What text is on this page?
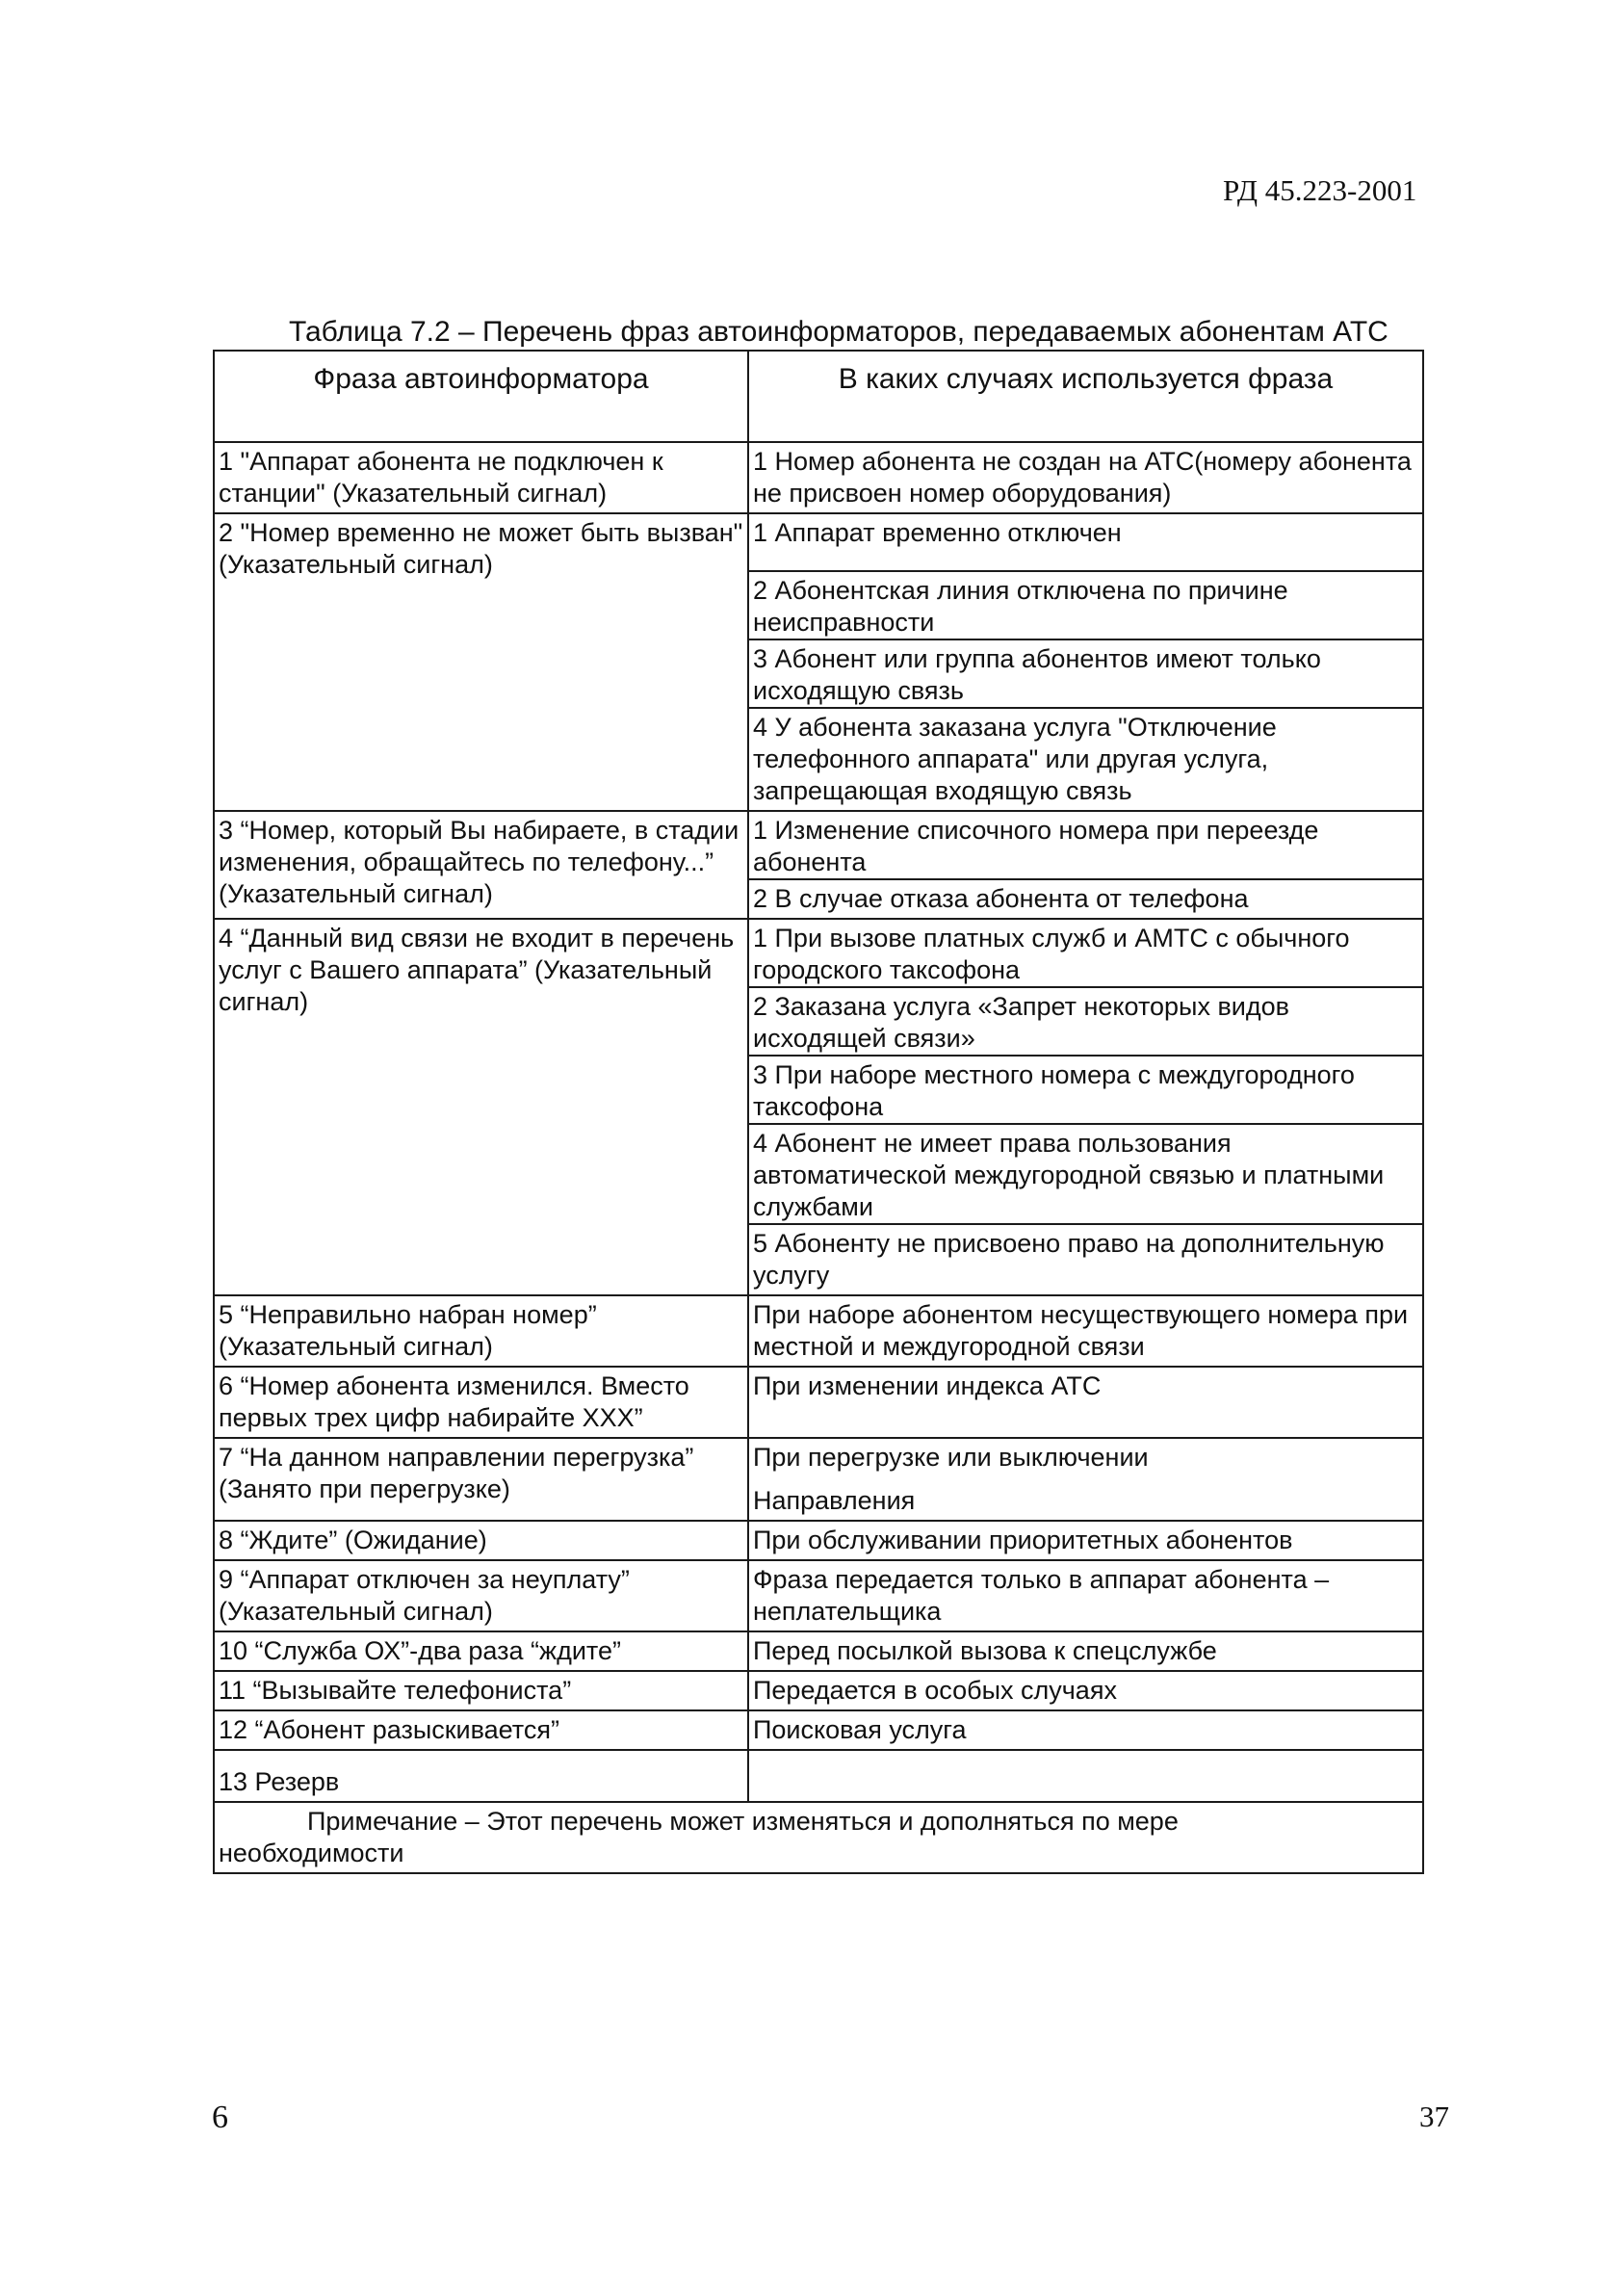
РД 45.223-2001
Таблица 7.2 – Перечень фраз автоинформаторов, передаваемых абонентам АТС
Фраза автоинформатора	В каких случаях используется фраза
1 "Аппарат абонента не подключен к станции" (Указательный сигнал)	1 Номер абонента не создан на АТС(номеру абонента не присвоен номер оборудования)

2 "Номер временно не может быть вызван" (Указательный сигнал)	1 Аппарат временно отключен
2 Абонентская линия отключена по причине неисправности
3 Абонент или группа абонентов имеют только исходящую связь
4 У абонента заказана услуга "Отключение телефонного аппарата" или другая услуга, запрещающая входящую связь

3 “Номер, который Вы набираете, в стадии изменения, обращайтесь по телефону...” (Указательный сигнал)	1 Изменение списочного номера при переезде абонента
2 В случае отказа абонента от телефона

4 “Данный вид связи не входит в перечень услуг с Вашего аппарата” (Указательный сигнал)	1 При вызове платных служб и АМТС с обычного городского таксофона
2 Заказана услуга «Запрет некоторых видов исходящей связи»
3 При наборе местного номера с междугородного таксофона
4 Абонент не имеет права пользования автоматической междугородной связью и платными службами
5 Абоненту не присвоено право на дополнительную услугу

5 “Неправильно набран номер” (Указательный сигнал)	При наборе абонентом несуществующего номера при местной и междугородной связи

6 “Номер абонента изменился. Вместо первых трех цифр набирайте ХХХ”	При изменении индекса АТС

7 “На данном направлении перегрузка” (Занято при перегрузке)	При перегрузке или выключении
Направления

8 “Ждите” (Ожидание)	При обслуживании приоритетных абонентов

9 “Аппарат отключен за неуплату” (Указательный сигнал)	Фраза передается только в аппарат абонента – неплательщика

10 “Служба ОХ”-два раза “ждите”	Перед посылкой вызова к спецслужбе

11 “Вызывайте телефониста”	Передается в особых случаях

12 “Абонент разыскивается”	Поисковая услуга

13 Резерв	

Примечание – Этот перечень может изменяться и дополняться по мере
необходимости	
6	37
